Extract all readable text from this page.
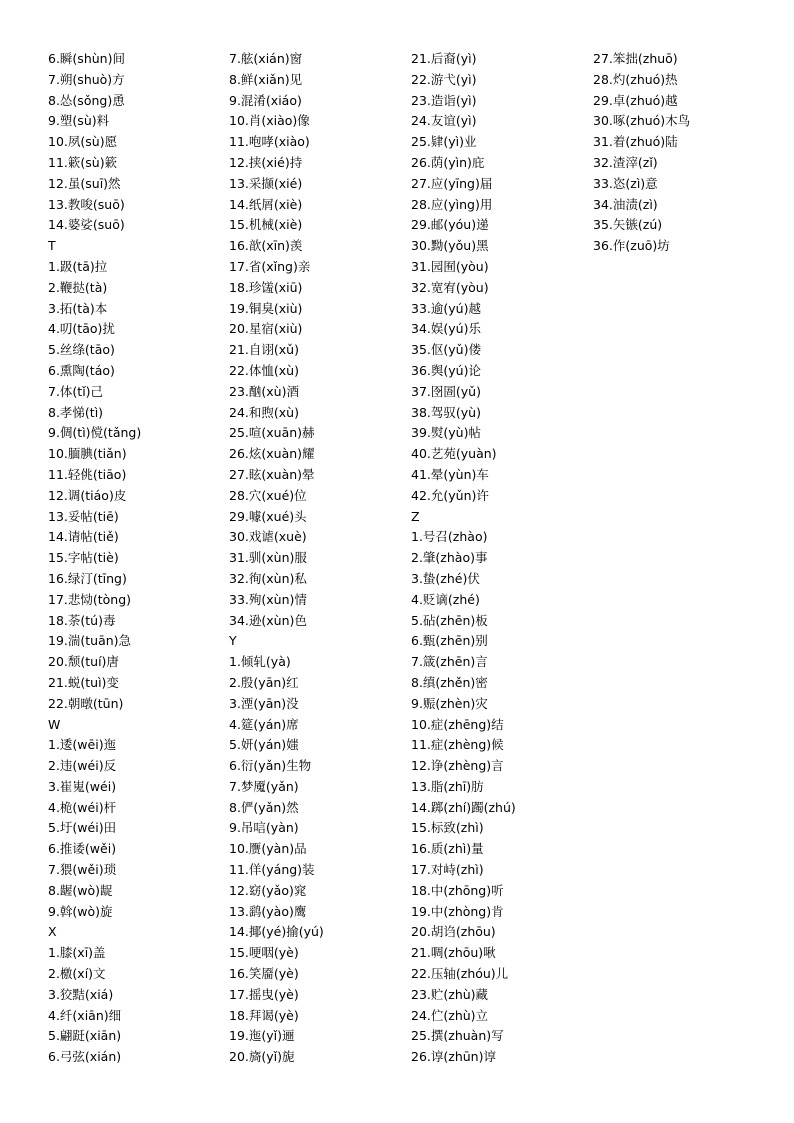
6.瞬(shùn)间
7.朔(shuò)方
8.怂(sǒng)恿
9.塑(sù)料
10.夙(sù)愿
11.簌(sù)簌
12.虽(suī)然
13.教唆(suō)
14.婆娑(suō)
T
1.趿(tā)拉
2.鞭挞(tà)
3.拓(tà)本
4.叨(tāo)扰
5.丝绦(tāo)
6.熏陶(táo)
7.体(tǐ)己
8.孝悌(tì)
9.倜(tì)傥(tǎng)
10.腼腆(tiǎn)
11.轻佻(tiāo)
12.调(tiáo)皮
13.妥帖(tiē)
14.请帖(tiě)
15.字帖(tiè)
16.绿汀(tīng)
17.悲恸(tòng)
18.荼(tú)毒
19.湍(tuān)急
20.颓(tuí)唐
21.蜕(tuì)变
22.朝暾(tūn)
W
1.逶(wēi)迤
2.违(wéi)反
3.崔嵬(wéi)
4.桅(wéi)杆
5.圩(wéi)田
6.推诿(wěi)
7.猥(wěi)琐
8.龌(wò)龊
9.斡(wò)旋
X
1.膝(xī)盖
2.檄(xí)文
3.狡黠(xiá)
4.纤(xiān)细
5.翩跹(xiān)
6.弓弦(xián)
7.舷(xián)窗
8.鲜(xiǎn)见
9.混淆(xiáo)
10.肖(xiào)像
11.咆哮(xiào)
12.挟(xié)持
13.采撷(xié)
14.纸屑(xiè)
15.机械(xiè)
16.歆(xīn)羡
17.省(xǐng)亲
18.珍馐(xiū)
19.铜臭(xiù)
20.星宿(xiù)
21.自诩(xǔ)
22.体恤(xù)
23.酗(xù)酒
24.和煦(xù)
25.喧(xuān)赫
26.炫(xuàn)耀
27.眩(xuàn)晕
28.穴(xué)位
29.噱(xué)头
30.戏谑(xuè)
31.驯(xùn)服
32.徇(xùn)私
33.殉(xùn)情
34.逊(xùn)色
Y
1.倾轧(yà)
2.殷(yān)红
3.湮(yān)没
4.筵(yán)席
5.妍(yán)媸
6.衍(yǎn)生物
7.梦魇(yǎn)
8.俨(yǎn)然
9.吊唁(yàn)
10.赝(yàn)品
11.佯(yáng)装
12.窈(yǎo)窕
13.鹞(yào)鹰
14.揶(yé)揄(yú)
15.哽咽(yè)
16.笑靥(yè)
17.摇曳(yè)
18.拜谒(yè)
19.迤(yǐ)逦
20.旖(yǐ)旎
21.后裔(yì)
22.游弋(yì)
23.造诣(yì)
24.友谊(yì)
25.肄(yì)业
26.荫(yìn)庇
27.应(yīng)届
28.应(yìng)用
29.邮(yóu)递
30.黝(yǒu)黑
31.园囿(yòu)
32.宽宥(yòu)
33.逾(yú)越
34.娱(yú)乐
35.伛(yǔ)偻
36.舆(yú)论
37.囹圄(yǔ)
38.驾驭(yù)
39.熨(yù)帖
40.艺苑(yuàn)
41.晕(yùn)车
42.允(yǔn)许
Z
1.号召(zhào)
2.肇(zhào)事
3.蛰(zhé)伏
4.贬谪(zhé)
5.砧(zhēn)板
6.甄(zhēn)别
7.箴(zhēn)言
8.缜(zhěn)密
9.赈(zhèn)灾
10.症(zhēng)结
11.症(zhèng)候
12.诤(zhèng)言
13.脂(zhī)肪
14.踯(zhí)躅(zhú)
15.标致(zhì)
16.质(zhì)量
17.对峙(zhì)
18.中(zhōng)听
19.中(zhòng)肯
20.胡诌(zhōu)
21.啁(zhōu)啾
22.压轴(zhóu)儿
23.贮(zhù)藏
24.伫(zhù)立
25.撰(zhuàn)写
26.谆(zhūn)谆
27.笨拙(zhuō)
28.灼(zhuó)热
29.卓(zhuó)越
30.啄(zhuó)木鸟
31.着(zhuó)陆
32.渣滓(zǐ)
33.恣(zì)意
34.油渍(zì)
35.矢镞(zú)
36.作(zuō)坊
